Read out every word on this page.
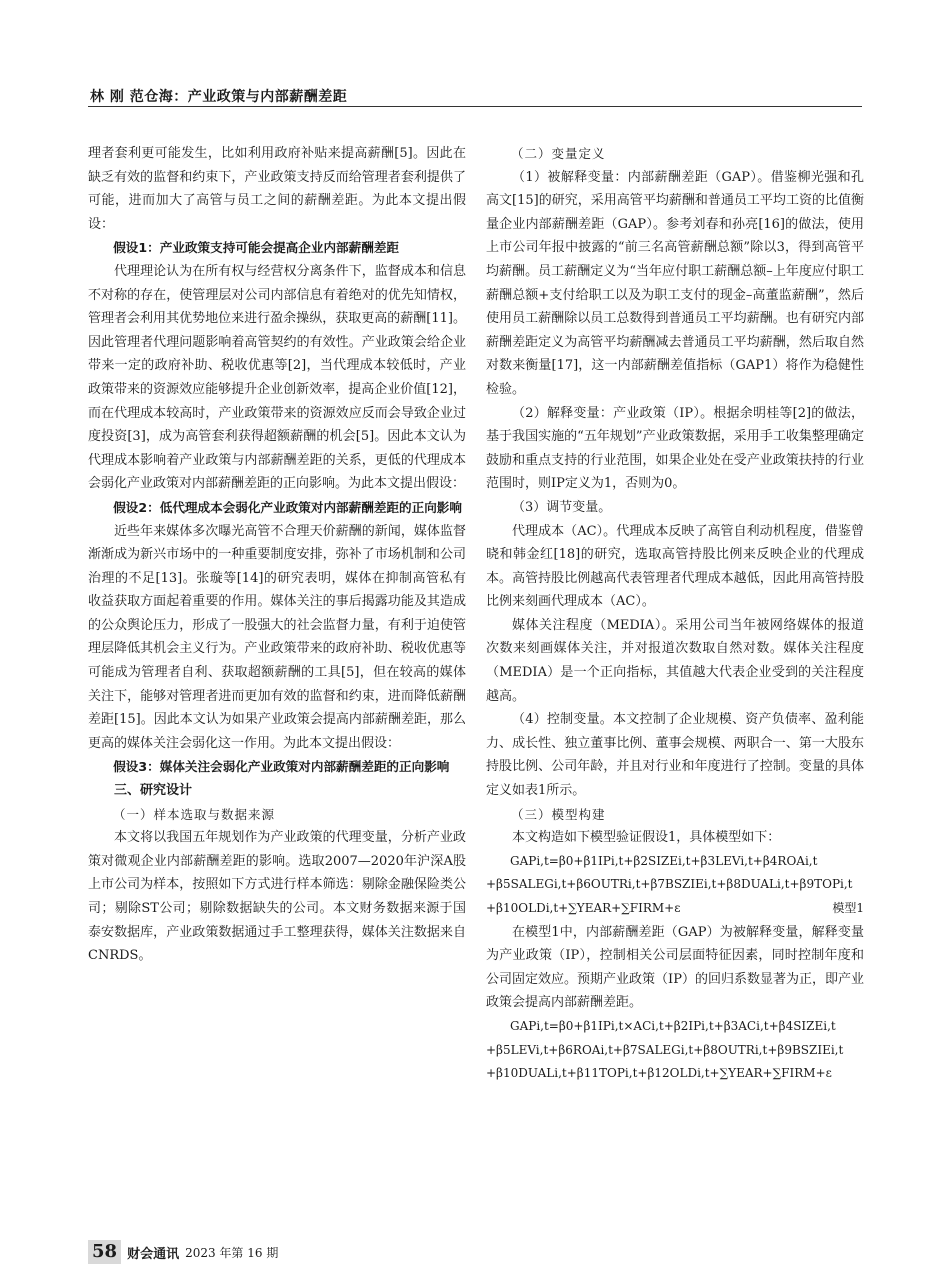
林 刚 范仓海：产业政策与内部薪酬差距

理者套利更可能发生，比如利用政府补贴来提高薪酬[5]。因此在缺乏有效的监督和约束下，产业政策支持反而给管理者套利提供了可能，进而加大了高管与员工之间的薪酬差距。为此本文提出假设：

假设1：产业政策支持可能会提高企业内部薪酬差距

代理理论认为在所有权与经营权分离条件下，监督成本和信息不对称的存在，使管理层对公司内部信息有着绝对的优先知情权，管理者会利用其优势地位来进行盈余操纵，获取更高的薪酬[11]。因此管理者代理问题影响着高管契约的有效性。产业政策会给企业带来一定的政府补助、税收优惠等[2]，当代理成本较低时，产业政策带来的资源效应能够提升企业创新效率，提高企业价值[12]，而在代理成本较高时，产业政策带来的资源效应反而会导致企业过度投资[3]，成为高管套利获得超额薪酬的机会[5]。因此本文认为代理成本影响着产业政策与内部薪酬差距的关系，更低的代理成本会弱化产业政策对内部薪酬差距的正向影响。为此本文提出假设：

假设2：低代理成本会弱化产业政策对内部薪酬差距的正向影响

近些年来媒体多次曝光高管不合理天价薪酬的新闻，媒体监督渐渐成为新兴市场中的一种重要制度安排，弥补了市场机制和公司治理的不足[13]。张璇等[14]的研究表明，媒体在抑制高管私有收益获取方面起着重要的作用。媒体关注的事后揭露功能及其造成的公众舆论压力，形成了一股强大的社会监督力量，有利于迫使管理层降低其机会主义行为。产业政策带来的政府补助、税收优惠等可能成为管理者自利、获取超额薪酬的工具[5]，但在较高的媒体关注下，能够对管理者进而更加有效的监督和约束，进而降低薪酬差距[15]。因此本文认为如果产业政策会提高内部薪酬差距，那么更高的媒体关注会弱化这一作用。为此本文提出假设：

假设3：媒体关注会弱化产业政策对内部薪酬差距的正向影响

三、研究设计

（一）样本选取与数据来源

本文将以我国五年规划作为产业政策的代理变量，分析产业政策对微观企业内部薪酬差距的影响。选取2007—2020年沪深A股上市公司为样本，按照如下方式进行样本筛选：剔除金融保险类公司；剔除ST公司；剔除数据缺失的公司。本文财务数据来源于国泰安数据库，产业政策数据通过手工整理获得，媒体关注数据来自CNRDS。

（二）变量定义

（1）被解释变量：内部薪酬差距（GAP）。借鉴柳光强和孔高文[15]的研究，采用高管平均薪酬和普通员工平均工资的比值衡量企业内部薪酬差距（GAP）。参考刘春和孙亮[16]的做法，使用上市公司年报中披露的“前三名高管薪酬总额”除以3，得到高管平均薪酬。员工薪酬定义为“当年应付职工薪酬总额–上年度应付职工薪酬总额+支付给职工以及为职工支付的现金–高董监薪酬”，然后使用员工薪酬除以员工总数得到普通员工平均薪酬。也有研究内部薪酬差距定义为高管平均薪酬减去普通员工平均薪酬，然后取自然对数来衡量[17]，这一内部薪酬差值指标（GAP1）将作为稳健性检验。

（2）解释变量：产业政策（IP）。根据余明桂等[2]的做法，基于我国实施的“五年规划”产业政策数据，采用手工收集整理确定鼓励和重点支持的行业范围，如果企业处在受产业政策扶持的行业范围时，则IP定义为1，否则为0。

（3）调节变量。

代理成本（AC）。代理成本反映了高管自利动机程度，借鉴曾晓和韩金红[18]的研究，选取高管持股比例来反映企业的代理成本。高管持股比例越高代表管理者代理成本越低，因此用高管持股比例来刻画代理成本（AC）。

媒体关注程度（MEDIA）。采用公司当年被网络媒体的报道次数来刻画媒体关注，并对报道次数取自然对数。媒体关注程度（MEDIA）是一个正向指标，其值越大代表企业受到的关注程度越高。

（4）控制变量。本文控制了企业规模、资产负债率、盈利能力、成长性、独立董事比例、董事会规模、两职合一、第一大股东持股比例、公司年龄，并且对行业和年度进行了控制。变量的具体定义如表1所示。

（三）模型构建

本文构造如下模型验证假设1，具体模型如下：

GAPi,t=β0+β1IPi,t+β2SIZEi,t+β3LEVi,t+β4ROAi,t

+β5SALEGi,t+β6OUTRi,t+β7BSZIEi,t+β8DUALi,t+β9TOPi,t

+β10OLDi,t+∑YEAR+∑FIRM+ε	模型1

在模型1中，内部薪酬差距（GAP）为被解释变量，解释变量为产业政策（IP），控制相关公司层面特征因素，同时控制年度和公司固定效应。预期产业政策（IP）的回归系数显著为正，即产业政策会提高内部薪酬差距。

GAPi,t=β0+β1IPi,t×ACi,t+β2IPi,t+β3ACi,t+β4SIZEi,t

+β5LEVi,t+β6ROAi,t+β7SALEGi,t+β8OUTRi,t+β9BSZIEi,t

+β10DUALi,t+β11TOPi,t+β12OLDi,t+∑YEAR+∑FIRM+ε

58 财会通讯 2023 年第 16 期
